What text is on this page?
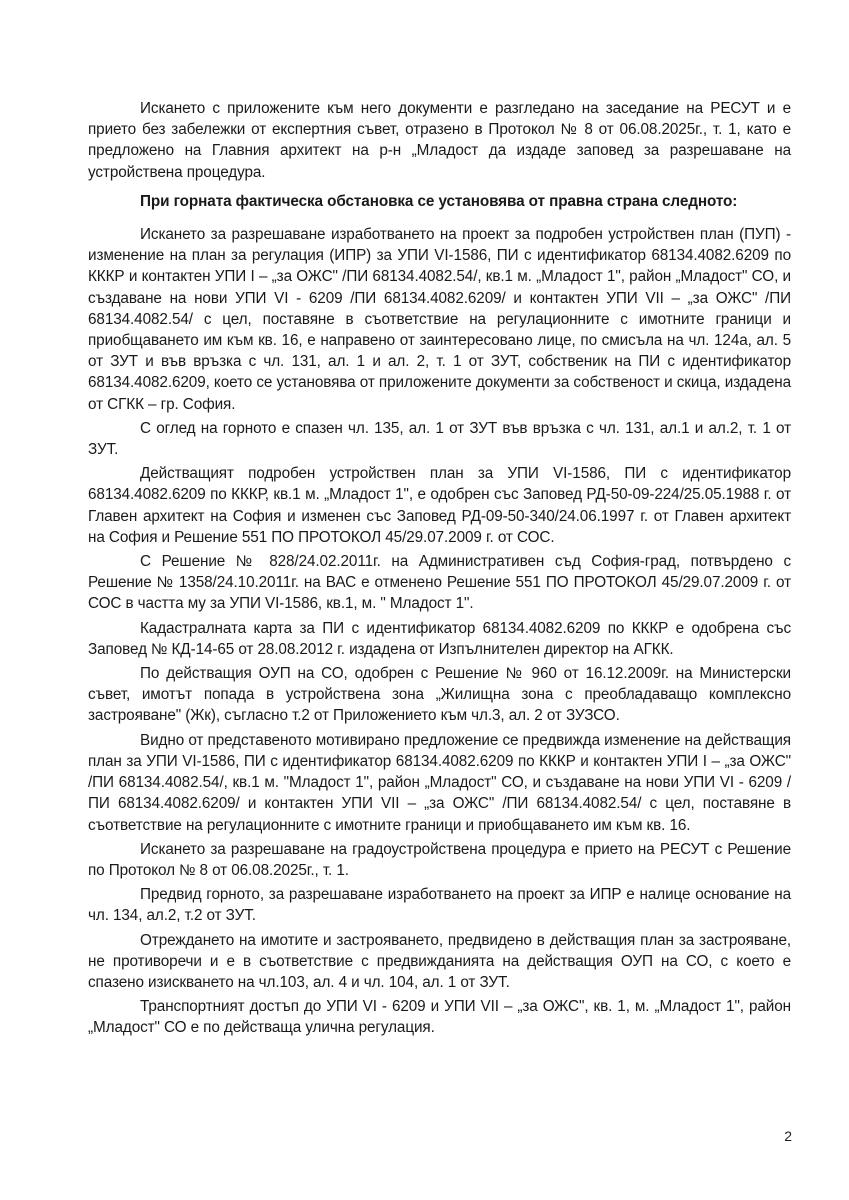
Искането с приложените към него документи е разгледано на заседание на РЕСУТ и е прието без забележки от експертния съвет, отразено в Протокол № 8 от 06.08.2025г., т. 1, като е предложено на Главния архитект на р-н „Младост да издаде заповед за разрешаване на устройствена процедура.

При горната фактическа обстановка се установява от правна страна следното:

Искането за разрешаване изработването на проект за подробен устройствен план (ПУП) - изменение на план за регулация (ИПР) за УПИ VI-1586, ПИ с идентификатор 68134.4082.6209 по КККР и контактен УПИ I – „за ОЖС" /ПИ 68134.4082.54/, кв.1 м. „Младост 1", район „Младост" СО, и създаване на нови УПИ VI - 6209 /ПИ 68134.4082.6209/ и контактен УПИ VII – „за ОЖС" /ПИ 68134.4082.54/ с цел, поставяне в съответствие на регулационните с имотните граници и приобщаването им към кв. 16, е направено от заинтересовано лице, по смисъла на чл. 124а, ал. 5 от ЗУТ и във връзка с чл. 131, ал. 1 и ал. 2, т. 1 от ЗУТ, собственик на ПИ с идентификатор 68134.4082.6209, което се установява от приложените документи за собственост и скица, издадена от СГКК – гр. София.

С оглед на горното е спазен чл. 135, ал. 1 от ЗУТ във връзка с чл. 131, ал.1 и ал.2, т. 1 от ЗУТ.

Действащият подробен устройствен план за УПИ VI-1586, ПИ с идентификатор 68134.4082.6209 по КККР, кв.1 м. „Младост 1", е одобрен със Заповед РД-50-09-224/25.05.1988 г. от Главен архитект на София и изменен със Заповед РД-09-50-340/24.06.1997 г. от Главен архитект на София и Решение 551 ПО ПРОТОКОЛ 45/29.07.2009 г. от СОС.

С Решение № 828/24.02.2011г. на Административен съд София-град, потвърдено с Решение № 1358/24.10.2011г. на ВАС е отменено Решение 551 ПО ПРОТОКОЛ 45/29.07.2009 г. от СОС в частта му за УПИ VI-1586, кв.1, м. " Младост 1".

Кадастралната карта за ПИ с идентификатор 68134.4082.6209 по КККР е одобрена със Заповед № КД-14-65 от 28.08.2012 г. издадена от Изпълнителен директор на АГКК.

По действащия ОУП на СО, одобрен с Решение № 960 от 16.12.2009г. на Министерски съвет, имотът попада в устройствена зона „Жилищна зона с преобладаващо комплексно застрояване" (Жк), съгласно т.2 от Приложението към чл.3, ал. 2 от ЗУЗСО.

Видно от представеното мотивирано предложение се предвижда изменение на действащия план за УПИ VI-1586, ПИ с идентификатор 68134.4082.6209 по КККР и контактен УПИ I – „за ОЖС" /ПИ 68134.4082.54/, кв.1 м. "Младост 1", район „Младост" СО, и създаване на нови УПИ VI - 6209 /ПИ 68134.4082.6209/ и контактен УПИ VII – „за ОЖС" /ПИ 68134.4082.54/ с цел, поставяне в съответствие на регулационните с имотните граници и приобщаването им към кв. 16.

Искането за разрешаване на градоустройствена процедура е прието на РЕСУТ с Решение по Протокол № 8 от 06.08.2025г., т. 1.

Предвид горното, за разрешаване изработването на проект за ИПР е налице основание на чл. 134, ал.2, т.2 от ЗУТ.

Отреждането на имотите и застрояването, предвидено в действащия план за застрояване, не противоречи и е в съответствие с предвижданията на действащия ОУП на СО, с което е спазено изискването на чл.103, ал. 4 и чл. 104, ал. 1 от ЗУТ.

Транспортният достъп до УПИ VI - 6209 и УПИ VII – „за ОЖС", кв. 1, м. „Младост 1", район „Младост" СО е по действаща улична регулация.

2
